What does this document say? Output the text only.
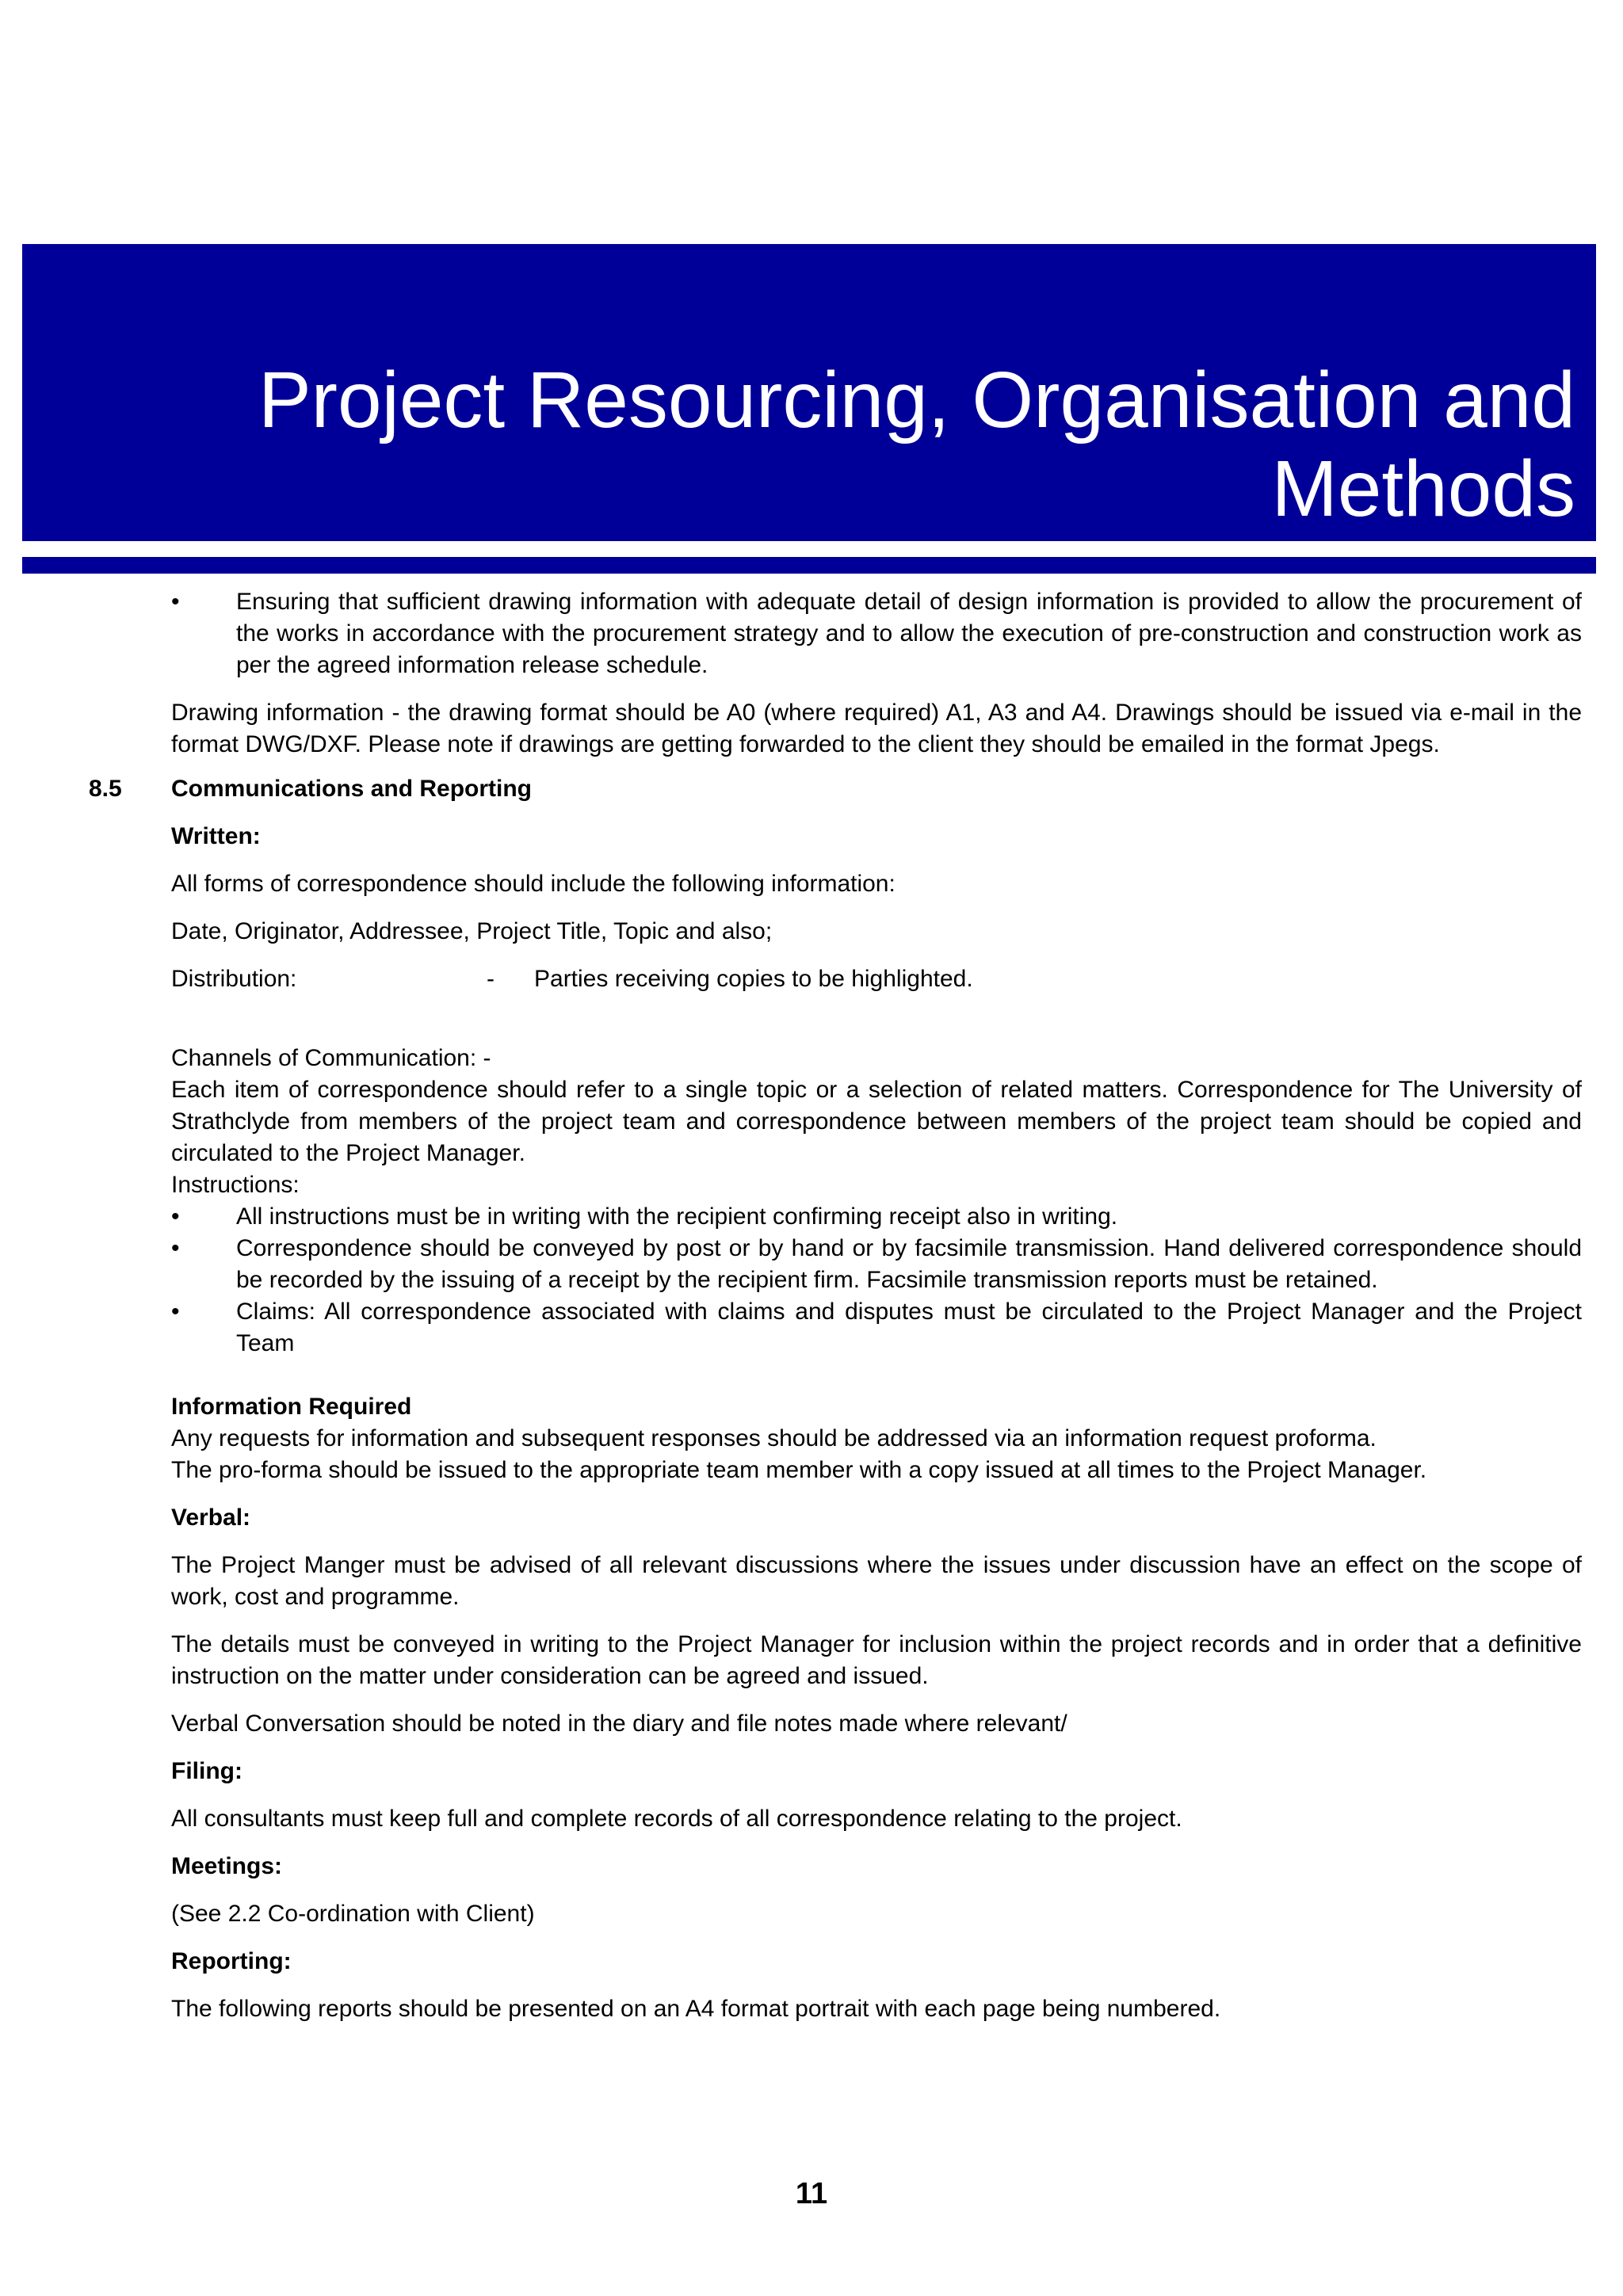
Project Resourcing, Organisation and Methods

• Ensuring that sufficient drawing information with adequate detail of design information is provided to allow the procurement of the works in accordance with the procurement strategy and to allow the execution of pre-construction and construction work as per the agreed information release schedule.

Drawing information - the drawing format should be A0 (where required) A1, A3 and A4. Drawings should be issued via e-mail in the format DWG/DXF. Please note if drawings are getting forwarded to the client they should be emailed in the format Jpegs.

8.5 Communications and Reporting

Written:

All forms of correspondence should include the following information:

Date, Originator, Addressee, Project Title, Topic and also;

Distribution:	- Parties receiving copies to be highlighted.

Channels of Communication: -

Each item of correspondence should refer to a single topic or a selection of related matters. Correspondence for The University of Strathclyde from members of the project team and correspondence between members of the project team should be copied and circulated to the Project Manager.

Instructions:

• All instructions must be in writing with the recipient confirming receipt also in writing.

• Correspondence should be conveyed by post or by hand or by facsimile transmission. Hand delivered correspondence should be recorded by the issuing of a receipt by the recipient firm. Facsimile transmission reports must be retained.

• Claims: All correspondence associated with claims and disputes must be circulated to the Project Manager and the Project Team

Information Required

Any requests for information and subsequent responses should be addressed via an information request proforma.

The pro-forma should be issued to the appropriate team member with a copy issued at all times to the Project Manager.

Verbal:

The Project Manger must be advised of all relevant discussions where the issues under discussion have an effect on the scope of work, cost and programme.

The details must be conveyed in writing to the Project Manager for inclusion within the project records and in order that a definitive instruction on the matter under consideration can be agreed and issued.

Verbal Conversation should be noted in the diary and file notes made where relevant/

Filing:

All consultants must keep full and complete records of all correspondence relating to the project.

Meetings:

(See 2.2 Co-ordination with Client)

Reporting:

The following reports should be presented on an A4 format portrait with each page being numbered.

11
